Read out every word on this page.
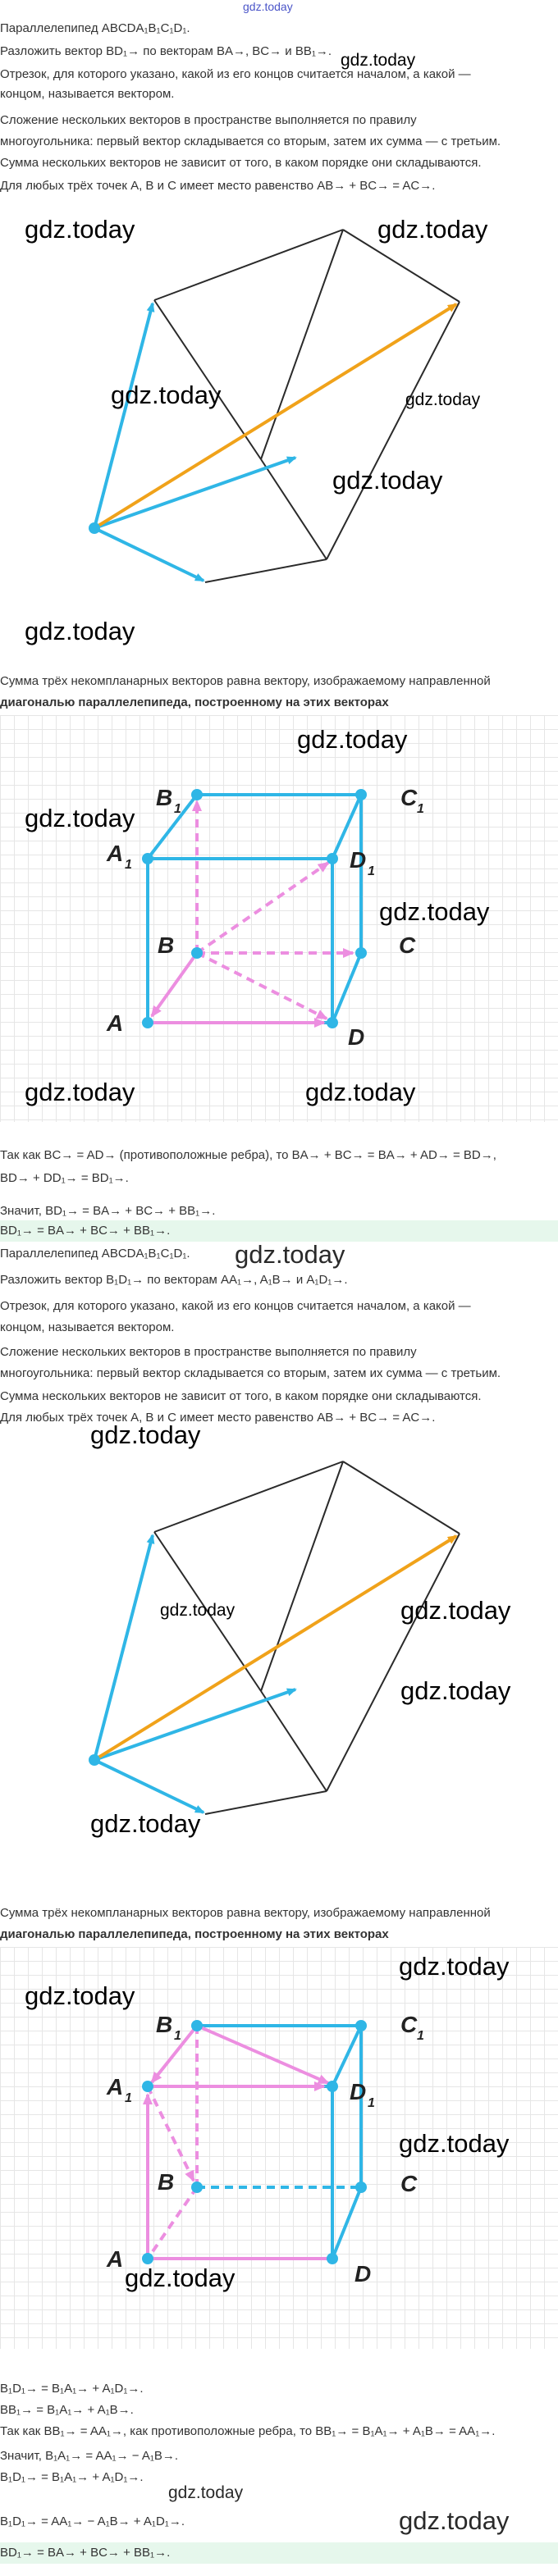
gdz.today
Параллелепипед ABCDA₁B₁C₁D₁.
Разложить вектор BD₁→ по векторам BA→, BC→ и BB₁→.
Отрезок, для которого указано, какой из его концов считается началом, а какой —
концом, называется вектором.
Сложение нескольких векторов в пространстве выполняется по правилу
многоугольника: первый вектор складывается со вторым, затем их сумма — с третьим.
Сумма нескольких векторов не зависит от того, в каком порядке они складываются.
Для любых трёх точек A, B и C имеет место равенство AB→ + BC→ = AC→.
gdz.today	gdz.today
gdz.today	gdz.today
gdz.today
gdz.today
gdz.today
Сумма трёх некомпланарных векторов равна вектору, изображаемому направленной
диагональю параллелепипеда, построенному на этих векторах
A
D
B	C
A 1
B 1	C 1
D 1
gdz.today
gdz.today
gdz.today
gdz.today	gdz.today
Так как BC→ = AD→ (противоположные ребра), то BA→ + BC→ = BA→ + AD→ = BD→,
BD→ + DD₁→ = BD₁→.
Значит, BD₁→ = BA→ + BC→ + BB₁→.
BD₁→ = BA→ + BC→ + BB₁→.
Параллелепипед ABCDA₁B₁C₁D₁.	gdz.today
Разложить вектор B₁D₁→ по векторам AA₁→, A₁B→ и A₁D₁→.
Отрезок, для которого указано, какой из его концов считается началом, а какой —
концом, называется вектором.
Сложение нескольких векторов в пространстве выполняется по правилу
многоугольника: первый вектор складывается со вторым, затем их сумма — с третьим.
Сумма нескольких векторов не зависит от того, в каком порядке они складываются.
Для любых трёх точек A, B и C имеет место равенство AB→ + BC→ = AC→.
gdz.today
gdz.today	gdz.today
gdz.today
gdz.today
Сумма трёх некомпланарных векторов равна вектору, изображаемому направленной
диагональю параллелепипеда, построенному на этих векторах
A
D
B	C
A 1
B 1	C 1
D 1
gdz.today
gdz.today
gdz.today
gdz.today
B₁D₁→ = B₁A₁→ + A₁D₁→.
BB₁→ = B₁A₁→ + A₁B→.
Так как BB₁→ = AA₁→, как противоположные ребра, то BB₁→ = B₁A₁→ + A₁B→ = AA₁→.
Значит, B₁A₁→ = AA₁→ − A₁B→.
B₁D₁→ = B₁A₁→ + A₁D₁→.
gdz.today
gdz.today
B₁D₁→ = AA₁→ − A₁B→ + A₁D₁→.
BD₁→ = BA→ + BC→ + BB₁→.
